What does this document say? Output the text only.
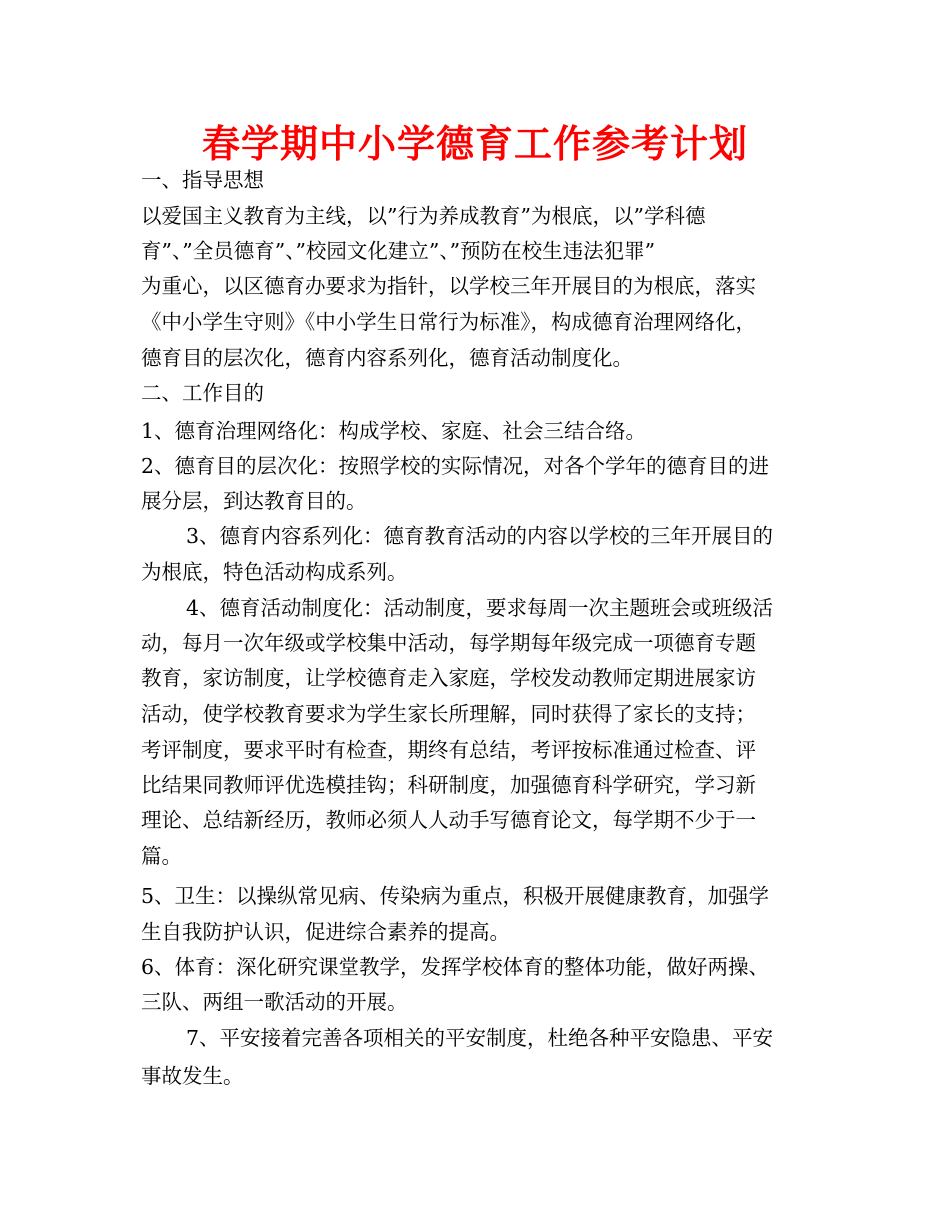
春学期中小学德育工作参考计划
一、指导思想
以爱国主义教育为主线，以”行为养成教育”为根底，以”学科德
育”、”全员德育”、”校园文化建立”、”预防在校生违法犯罪”
为重心，以区德育办要求为指针，以学校三年开展目的为根底，落实
《中小学生守则》《中小学生日常行为标准》，构成德育治理网络化，
德育目的层次化，德育内容系列化，德育活动制度化。
二、工作目的
1、德育治理网络化：构成学校、家庭、社会三结合络。
2、德育目的层次化：按照学校的实际情况，对各个学年的德育目的进
展分层，到达教育目的。
3、德育内容系列化：德育教育活动的内容以学校的三年开展目的
为根底，特色活动构成系列。
4、德育活动制度化：活动制度，要求每周一次主题班会或班级活
动，每月一次年级或学校集中活动，每学期每年级完成一项德育专题
教育，家访制度，让学校德育走入家庭，学校发动教师定期进展家访
活动，使学校教育要求为学生家长所理解，同时获得了家长的支持；
考评制度，要求平时有检查，期终有总结，考评按标准通过检查、评
比结果同教师评优选模挂钩；科研制度，加强德育科学研究，学习新
理论、总结新经历，教师必须人人动手写德育论文，每学期不少于一
篇。
5、卫生：以操纵常见病、传染病为重点，积极开展健康教育，加强学
生自我防护认识，促进综合素养的提高。
6、体育：深化研究课堂教学，发挥学校体育的整体功能，做好两操、
三队、两组一歌活动的开展。
7、平安接着完善各项相关的平安制度，杜绝各种平安隐患、平安
事故发生。
